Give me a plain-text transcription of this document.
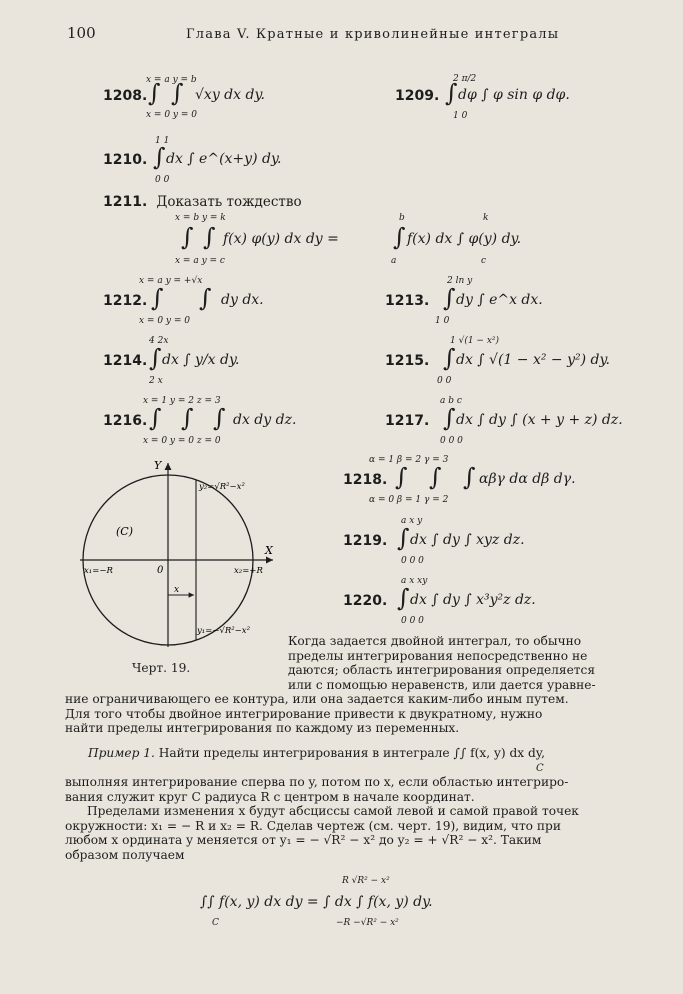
100	Глава V. Кратные и криволинейные интегралы
x = a y = b
1208. ∫ ∫ √xy dx dy.
x = 0 y = 0
2 π/2
1209. ∫ dφ ∫ φ sin φ dφ.
1 0
1 1
1210. ∫ dx ∫ e^(x+y) dy.
0 0
1211. Доказать тождество
x = b y = k
∫ ∫ f(x) φ(y) dx dy =
x = a y = c
b
∫
a
f(x) dx ∫ φ(y) dy.
k
c
x = a y = +√x
1212. ∫ ∫ dy dx.
x = 0 y = 0
2 ln y
1213. ∫ dy ∫ e^x dx.
1 0
4 2x
1214. ∫ dx ∫ y/x dy.
2 x
1 √(1 − x²)
1215. ∫ dx ∫ √(1 − x² − y²) dy.
0 0
x = 1 y = 2 z = 3
1216. ∫ ∫ ∫ dx dy dz.
x = 0 y = 0 z = 0
a b c
1217. ∫ dx ∫ dy ∫ (x + y + z) dz.
0 0 0
α = 1 β = 2 γ = 3
1218. ∫ ∫ ∫ αβγ dα dβ dγ.
α = 0 β = 1 γ = 2
a x y
1219. ∫ dx ∫ dy ∫ xyz dz.
0 0 0
a x xy
1220. ∫ dx ∫ dy ∫ x³y²z dz.
0 0 0
Y
X
0
(C)
x₁=−R	x₂=+R
y₂=√R²−x²
y₁=−√R²−x²
x
Черт. 19.
Когда задается двойной интеграл, то обычно
пределы интегрирования непосредственно не
даются; область интегрирования определяется
или с помощью неравенств, или дается уравне-
ние ограничивающего ее контура, или она задается каким-либо иным путем.
Для того чтобы двойное интегрирование привести к двукратному, нужно
найти пределы интегрирования по каждому из переменных.
Пример 1. Найти пределы интегрирования в интеграле ∫∫ f(x, y) dx dy,
C
выполняя интегрирование сперва по y, потом по x, если областью интегриро-
вания служит круг C радиуса R с центром в начале координат.
Пределами изменения x будут абсциссы самой левой и самой правой точек
окружности: x₁ = − R и x₂ = R. Сделав чертеж (см. черт. 19), видим, что при
любом x ордината y меняется от y₁ = − √R² − x² до y₂ = + √R² − x². Таким
образом получаем
R √R² − x²
∫∫ f(x, y) dx dy = ∫ dx ∫ f(x, y) dy.
C	−R −√R² − x²
